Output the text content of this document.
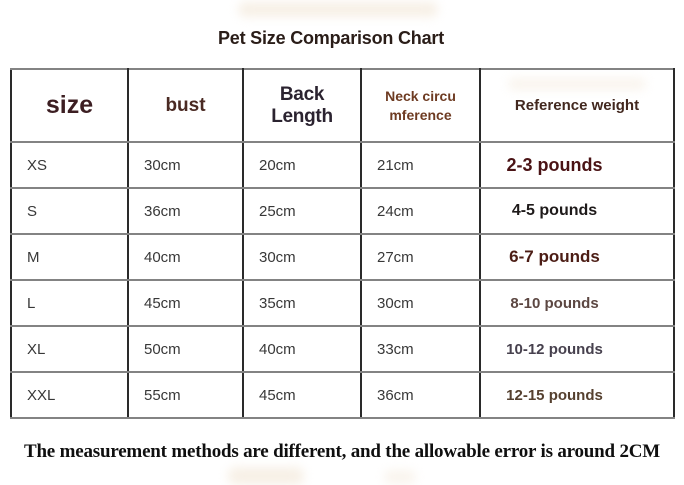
Pet Size Comparison Chart
size	bust	Back Length	Neck circu mference	Reference weight
XS	30cm	20cm	21cm	2-3 pounds
S	36cm	25cm	24cm	4-5 pounds
M	40cm	30cm	27cm	6-7 pounds
L	45cm	35cm	30cm	8-10 pounds
XL	50cm	40cm	33cm	10-12 pounds
XXL	55cm	45cm	36cm	12-15 pounds
The measurement methods are different, and the allowable error is around 2CM
